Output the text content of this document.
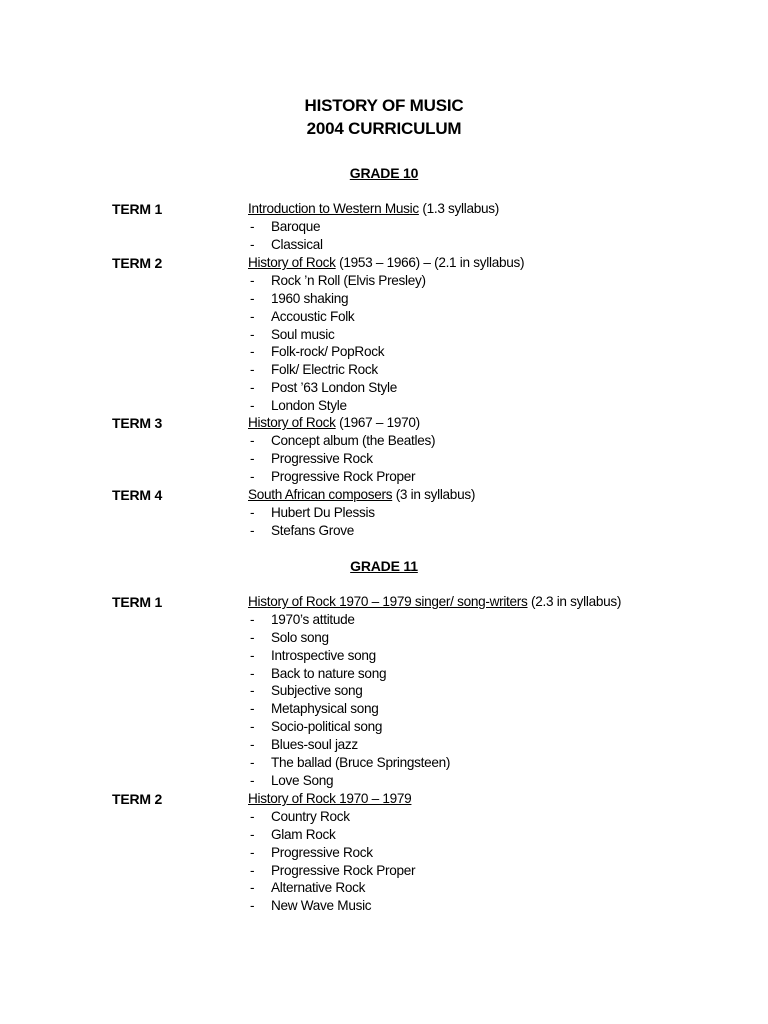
HISTORY OF MUSIC
2004 CURRICULUM
GRADE 10
TERM 1	Introduction to Western Music (1.3 syllabus)
- Baroque
- Classical
TERM 2	History of Rock (1953 – 1966) – (2.1 in syllabus)
- Rock ’n Roll (Elvis Presley)
- 1960 shaking
- Accoustic Folk
- Soul music
- Folk-rock/ PopRock
- Folk/ Electric Rock
- Post ’63 London Style
- London Style
TERM 3	History of Rock (1967 – 1970)
- Concept album (the Beatles)
- Progressive Rock
- Progressive Rock Proper
TERM 4	South African composers (3 in syllabus)
- Hubert Du Plessis
- Stefans Grove
GRADE 11
TERM 1	History of Rock 1970 – 1979 singer/ song-writers (2.3 in syllabus)
- 1970’s attitude
- Solo song
- Introspective song
- Back to nature song
- Subjective song
- Metaphysical song
- Socio-political song
- Blues-soul jazz
- The ballad (Bruce Springsteen)
- Love Song
TERM 2	History of Rock 1970 – 1979
- Country Rock
- Glam Rock
- Progressive Rock
- Progressive Rock Proper
- Alternative Rock
- New Wave Music
